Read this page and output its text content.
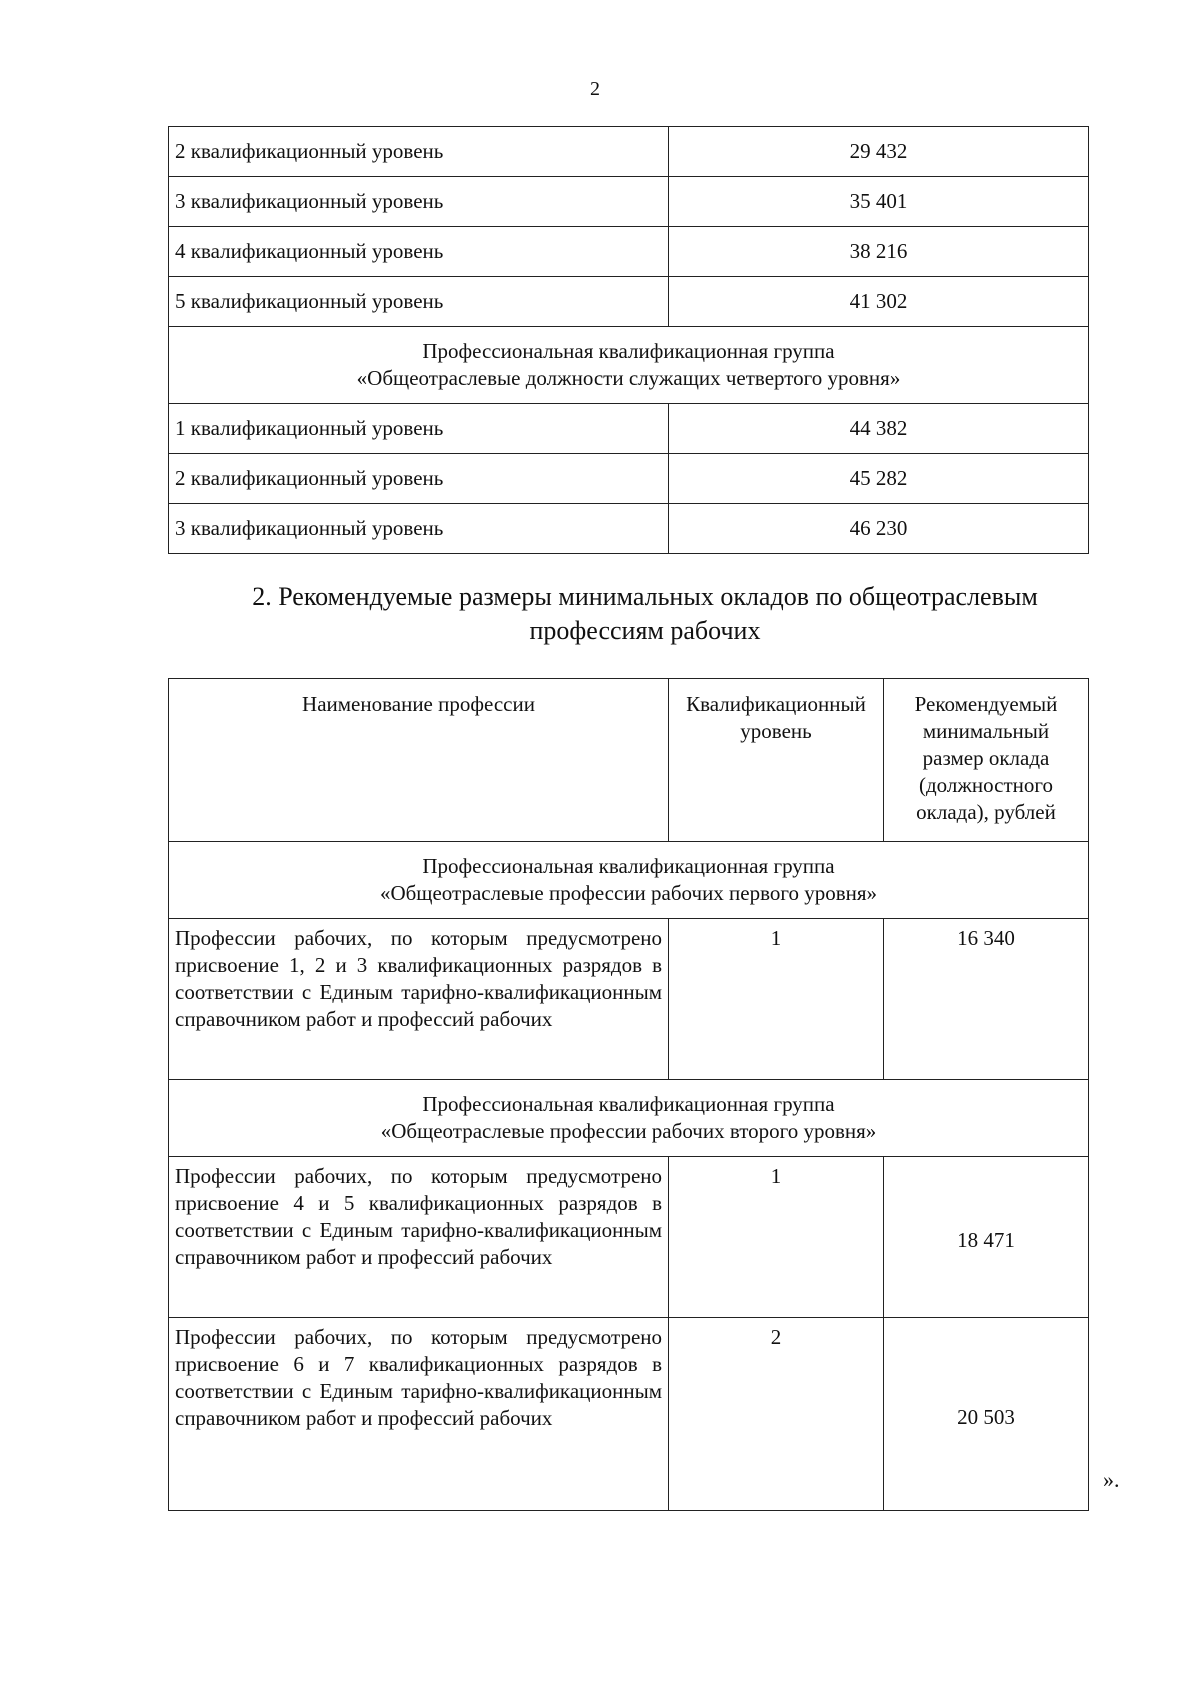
2
2 квалификационный уровень	29 432
3 квалификационный уровень	35 401
4 квалификационный уровень	38 216
5 квалификационный уровень	41 302

Профессиональная квалификационная группа
«Общеотраслевые должности служащих четвертого уровня»	

1 квалификационный уровень	44 382
2 квалификационный уровень	45 282
3 квалификационный уровень	46 230
2. Рекомендуемые размеры минимальных окладов по общеотраслевым
профессиям рабочих
Наименование профессии	Квалификационный уровень	Рекомендуемый минимальный размер оклада (должностного оклада), рублей

Профессиональная квалификационная группа
«Общеотраслевые профессии рабочих первого уровня»		

Профессии рабочих, по которым предусмотрено присвоение 1, 2 и 3 квалификационных разрядов в соответствии с Единым тарифно-квалификационным справочником работ и профессий рабочих	1	16 340

Профессиональная квалификационная группа
«Общеотраслевые профессии рабочих второго уровня»		

Профессии рабочих, по которым предусмотрено присвоение 4 и 5 квалификационных разрядов в соответствии с Единым тарифно-квалификационным справочником работ и профессий рабочих	1	18 471
Профессии рабочих, по которым предусмотрено присвоение 6 и 7 квалификационных разрядов в соответствии с Единым тарифно-квалификационным справочником работ и профессий рабочих	2	20 503
».
